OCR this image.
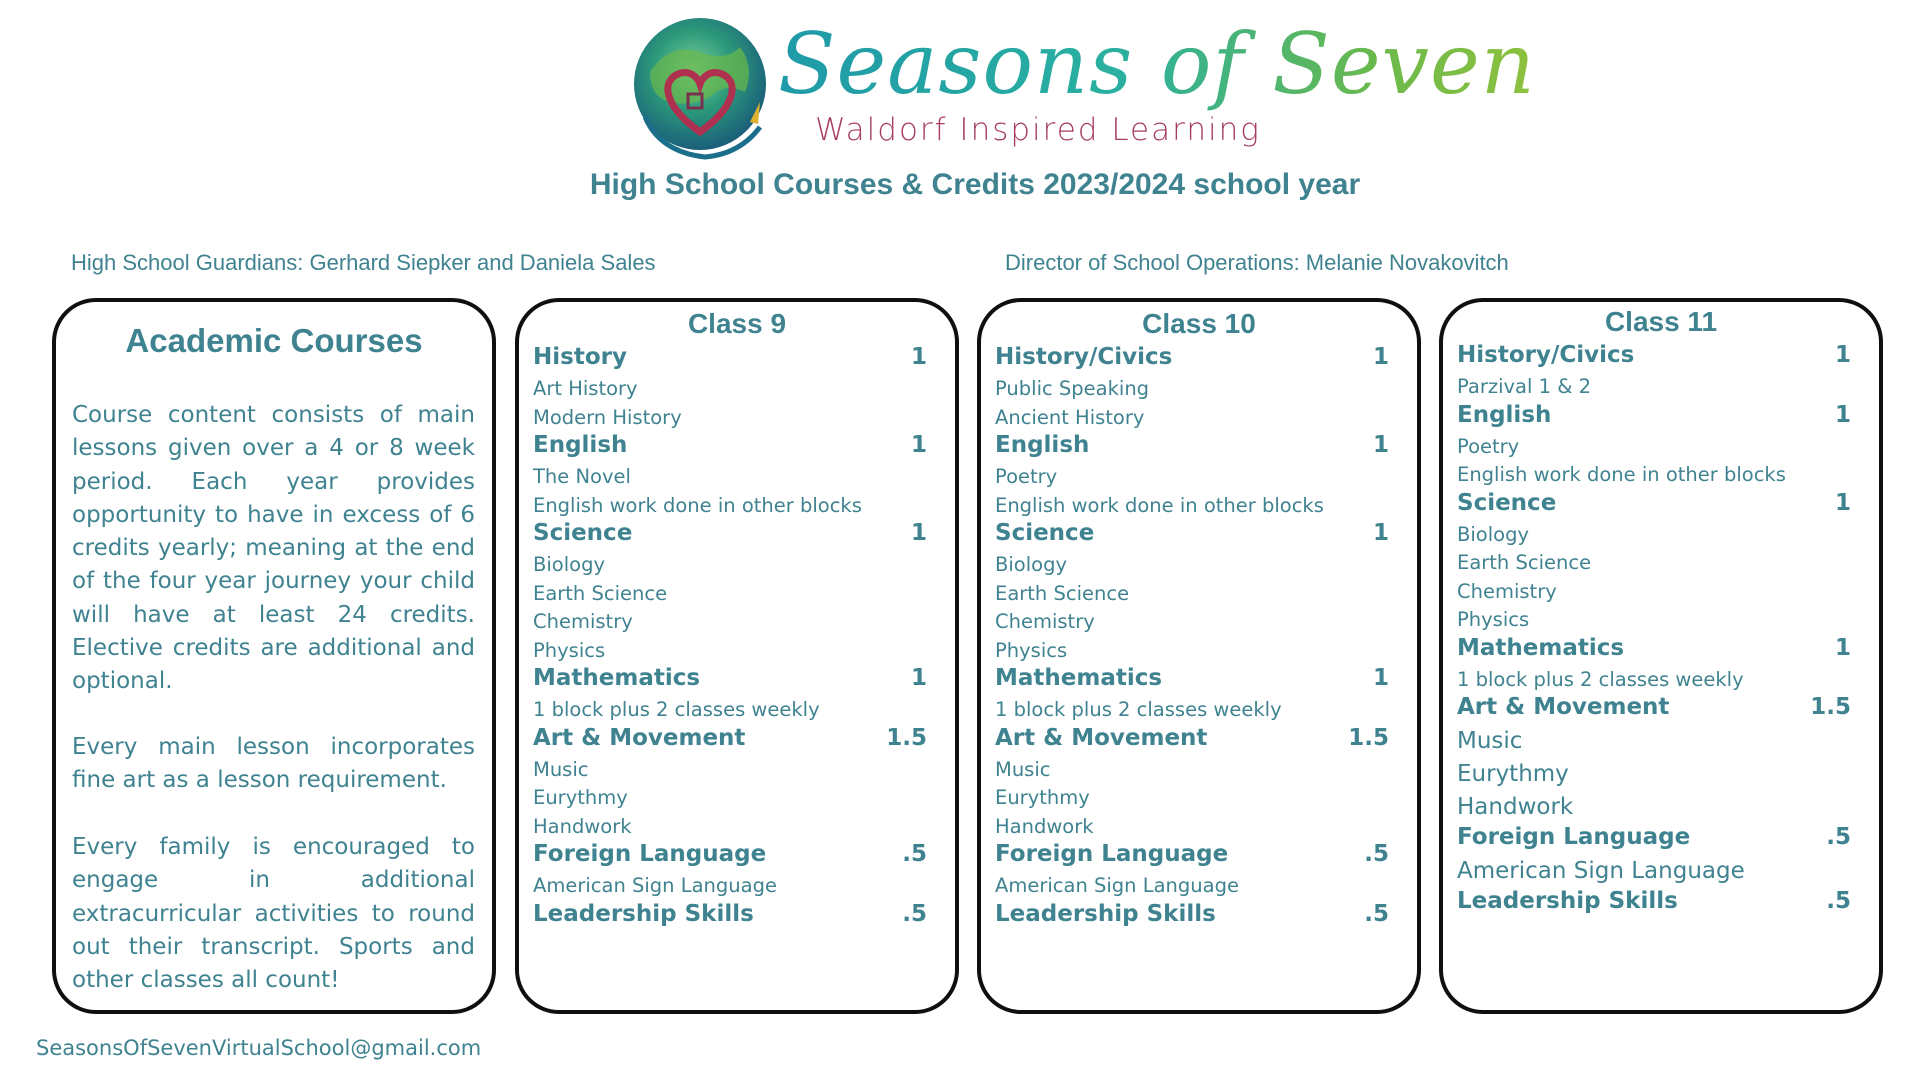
Seasons of Seven
Waldorf Inspired Learning
High School Courses & Credits 2023/2024 school year
High School Guardians: Gerhard Siepker and Daniela Sales	Director of School Operations: Melanie Novakovitch
Academic Courses

Course content consists of main lessons given over a 4 or 8 week period. Each year provides opportunity to have in excess of 6 credits yearly; meaning at the end of the four year journey your child will have at least 24 credits. Elective credits are additional and optional.

Every main lesson incorporates fine art as a lesson requirement.

Every family is encouraged to engage in additional extracurricular activities to round out their transcript. Sports and other classes all count!

Class 9
History	1
Art History
Modern History
English	1
The Novel
English work done in other blocks
Science	1
Biology
Earth Science
Chemistry
Physics
Mathematics	1
1 block plus 2 classes weekly
Art & Movement	1.5
Music
Eurythmy
Handwork
Foreign Language	.5
American Sign Language
Leadership Skills	.5
Class 10
History/Civics	1
Public Speaking
Ancient History
English	1
Poetry
English work done in other blocks
Science	1
Biology
Earth Science
Chemistry
Physics
Mathematics	1
1 block plus 2 classes weekly
Art & Movement	1.5
Music
Eurythmy
Handwork
Foreign Language	.5
American Sign Language
Leadership Skills	.5
Class 11
History/Civics	1
Parzival 1 & 2
English	1
Poetry
English work done in other blocks
Science	1
Biology
Earth Science
Chemistry
Physics
Mathematics	1
1 block plus 2 classes weekly
Art & Movement	1.5
Music
Eurythmy
Handwork
Foreign Language	.5
American Sign Language
Leadership Skills	.5
SeasonsOfSevenVirtualSchool@gmail.com
